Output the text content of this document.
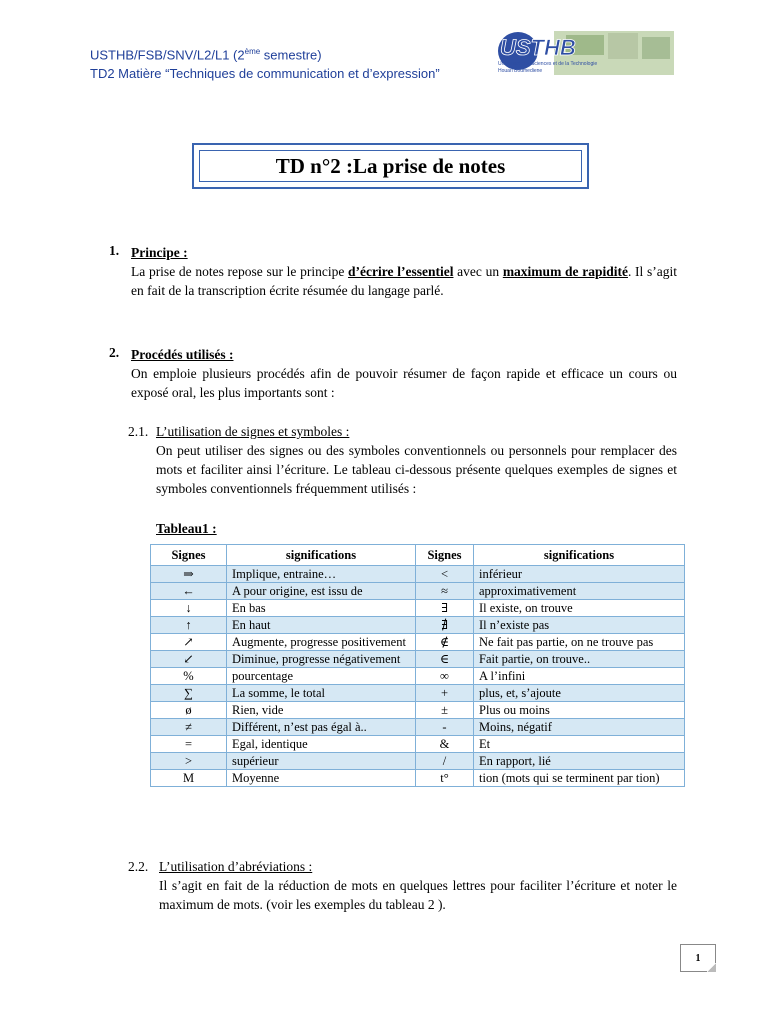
USTHB/FSB/SNV/L2/L1 (2ème semestre)
TD2 Matière “Techniques de communication et d’expression”
USTHB
Université des Sciences et de la Technologie
Houari Boumediene
TD n°2 :La prise de notes
1. Principe :
La prise de notes repose sur le principe d’écrire l’essentiel avec un maximum de rapidité. Il s’agit en fait de la transcription écrite résumée du langage parlé.
2. Procédés utilisés :
On emploie plusieurs procédés afin de pouvoir résumer de façon rapide et efficace un cours ou exposé oral, les plus importants sont :
2.1. L’utilisation de signes et symboles :
On peut utiliser des signes ou des symboles conventionnels ou personnels pour remplacer des mots et faciliter ainsi l’écriture. Le tableau ci-dessous présente quelques exemples de signes et symboles conventionnels fréquemment utilisés :
Tableau1 :
Signes	significations	Signes	significations
⇒	Implique, entraine…	<	inférieur
←	A pour origine, est issu de	≈	approximativement
↓	En bas	∃	Il existe, on trouve
↑	En haut	∄	Il n’existe pas
↗	Augmente, progresse positivement	∉	Ne fait pas partie, on ne trouve pas
↙	Diminue, progresse négativement	∈	Fait partie, on trouve..
%	pourcentage	∞	A l’infini
∑	La somme, le total	+	plus, et, s’ajoute
ø	Rien, vide	±	Plus ou moins
≠	Différent, n’est pas égal à..	-	Moins, négatif
=	Egal, identique	&	Et
>	supérieur	/	En rapport, lié
M	Moyenne	t°	tion (mots qui se terminent par tion)
2.2. L’utilisation d’abréviations :
Il s’agit en fait de la réduction de mots en quelques lettres pour faciliter l’écriture et noter le maximum de mots. (voir les exemples du tableau 2 ).
1
